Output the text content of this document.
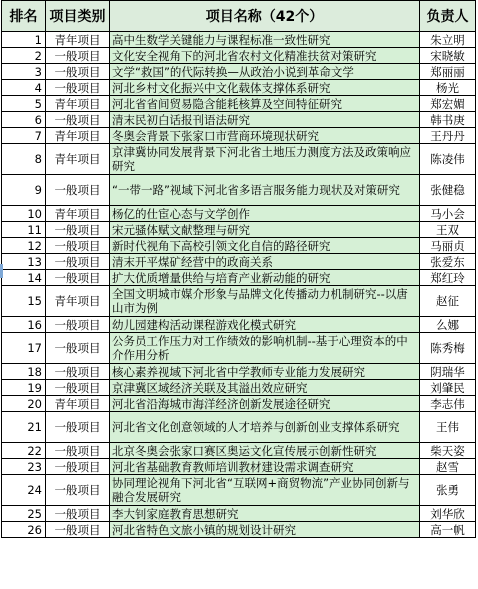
排名	项目类别	项目名称（42个）	负责人
1	青年项目	高中生数学关键能力与课程标准一致性研究	朱立明
2	一般项目	文化安全视角下的河北省农村文化精准扶贫对策研究	宋晓敏
3	一般项目	文学“救国”的代际转换—从政治小说到革命文学	郑丽丽
4	一般项目	河北乡村文化振兴中文化载体支撑体系研究	杨光
5	青年项目	河北省省间贸易隐含能耗核算及空间特征研究	郑宏媚
6	一般项目	清末民初白话报刊语法研究	韩书庚
7	青年项目	冬奥会背景下张家口市营商环境现状研究	王丹丹
8	青年项目	京津冀协同发展背景下河北省土地压力测度方法及政策响应研究	陈凌伟
9	一般项目	“一带一路”视域下河北省多语言服务能力现状及对策研究	张健稳
10	青年项目	杨亿的仕宦心态与文学创作	马小会
11	一般项目	宋元骚体赋文献整理与研究	王双
12	一般项目	新时代视角下高校引领文化自信的路径研究	马丽贞
13	一般项目	清末开平煤矿经营中的政商关系	张爱东
14	一般项目	扩大优质增量供给与培育产业新动能的研究	郑红玲
15	青年项目	全国文明城市媒介形象与品牌文化传播动力机制研究--以唐山市为例	赵征
16	一般项目	幼儿园建构活动课程游戏化模式研究	么娜
17	一般项目	公务员工作压力对工作绩效的影响机制--基于心理资本的中介作用分析	陈秀梅
18	一般项目	核心素养视域下河北省中学教师专业能力发展研究	阴瑞华
19	一般项目	京津冀区域经济关联及其溢出效应研究	刘肇民
20	青年项目	河北省沿海城市海洋经济创新发展途径研究	李志伟
21	一般项目	河北省文化创意领域的人才培养与创新创业支撑体系研究	王伟
22	一般项目	北京冬奥会张家口赛区奥运文化宣传展示创新性研究	柴天姿
23	一般项目	河北省基础教育教师培训教材建设需求调查研究	赵雪
24	一般项目	协同理论视角下河北省“互联网+商贸物流”产业协同创新与融合发展研究	张勇
25	一般项目	李大钊家庭教育思想研究	刘华欣
26	一般项目	河北省特色文旅小镇的规划设计研究	高一帆
